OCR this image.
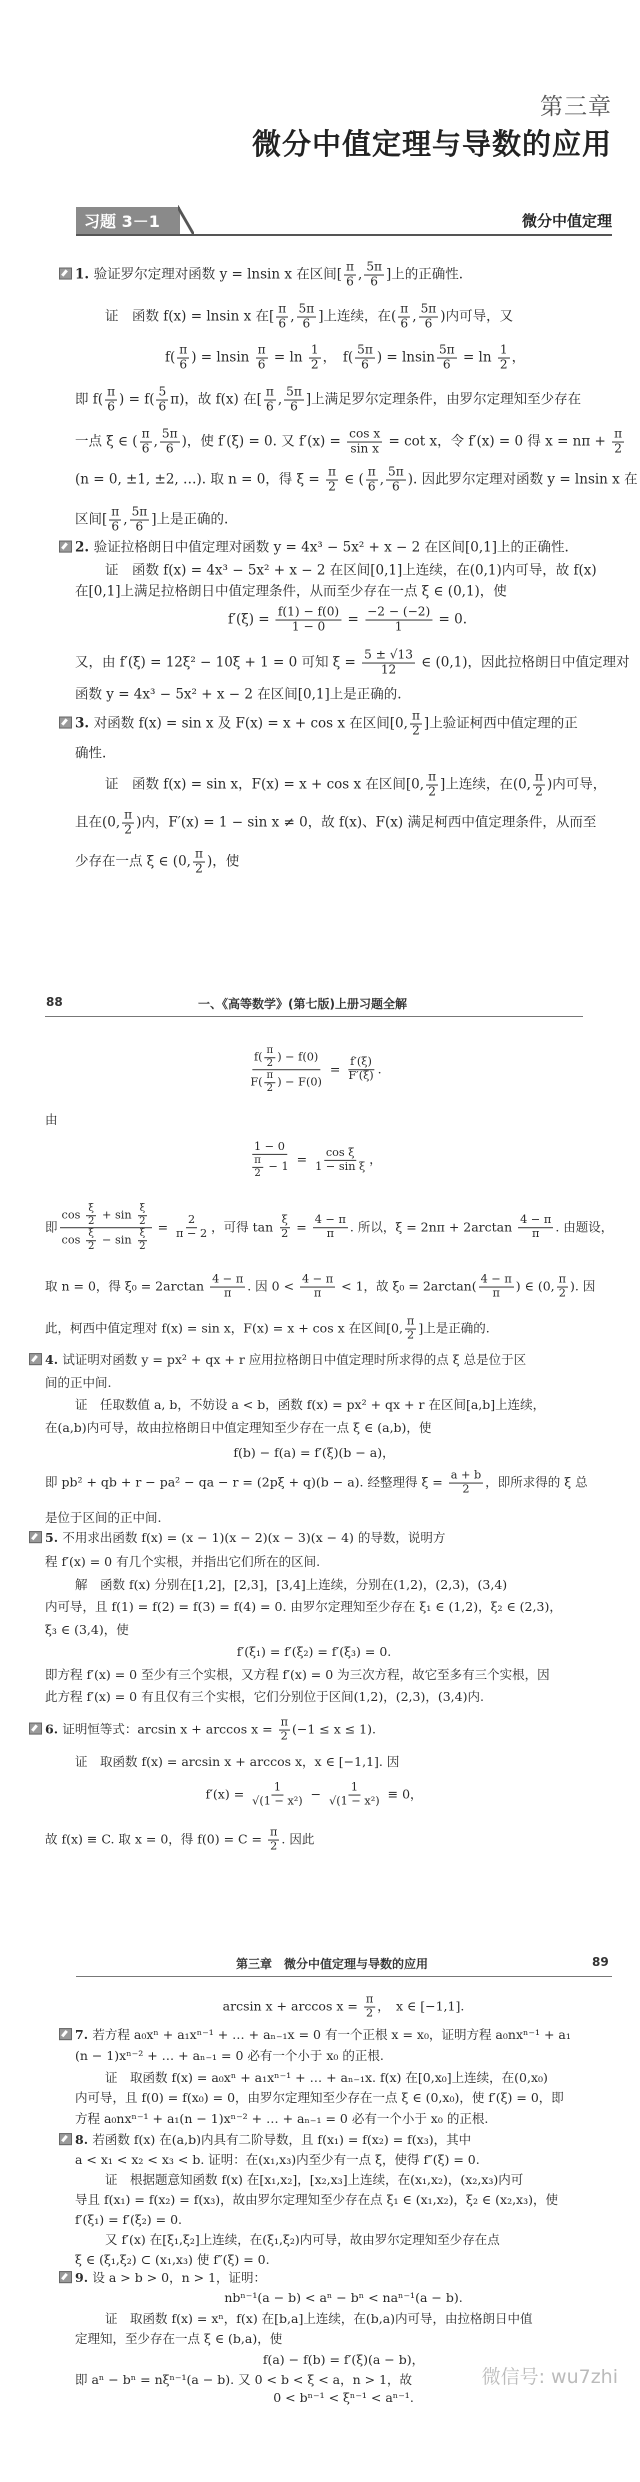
第三章
微分中值定理与导数的应用
习题 3－1	微分中值定理
88	一、《高等数学》(第七版)上册习题全解
第三章　微分中值定理与导数的应用	89
1. 验证罗尔定理对函数 y = lnsin x 在区间[ $\frac{\pi}{6}$ , $\frac{5\pi}{6}$ ]上的正确性.
证　函数 f(x) = lnsin x 在[ $\frac{\pi}{6}$ , $\frac{5\pi}{6}$ ]上连续，在( $\frac{\pi}{6}$ , $\frac{5\pi}{6}$ )内可导，又
$f( \frac{\pi}{6}$ ) = lnsin $\frac{\pi}{6} = \ln \frac{1}{2}$ ，　$f( \frac{5\pi}{6}$ ) = lnsin $\frac{5\pi}{6} = \ln \frac{1}{2}$ ，
即 $f( \frac{\pi}{6}$ ) = $f( \frac{5}{6} \pi)$，故 f(x) 在[ $\frac{\pi}{6}$ , $\frac{5\pi}{6}$ ]上满足罗尔定理条件，由罗尔定理知至少存在
一点 ξ ∈ ( $\frac{\pi}{6}$ , $\frac{5\pi}{6}$ )，使 f′(ξ) = 0. 又 $f'(x) = \frac{\text{cos x}}{\text{sin x}} = \cot x$，令 f′(x) = 0 得 $x = n\pi + \frac{\pi}{2}$
(n = 0, ±1, ±2, …). 取 n = 0，得 $\xi = \frac{\pi}{2}$ ∈ ( $\frac{\pi}{6}$ , $\frac{5\pi}{6}$ ). 因此罗尔定理对函数 y = lnsin x 在
区间[ $\frac{\pi}{6}$ , $\frac{5\pi}{6}$ ]上是正确的.
2. 验证拉格朗日中值定理对函数 y = 4x³ − 5x² + x − 2 在区间[0,1]上的正确性.
证　函数 f(x) = 4x³ − 5x² + x − 2 在区间[0,1]上连续，在(0,1)内可导，故 f(x)
在[0,1]上满足拉格朗日中值定理条件，从而至少存在一点 ξ ∈ (0,1)，使
$f'(\xi) = \frac{f(1) - f(0)}{1 - 0} = \frac{-2 - (-2)}{1} = 0$.
又，由 f′(ξ) = 12ξ² − 10ξ + 1 = 0 可知 $\xi = \frac{5 \pm √13}{12}$ ∈ (0,1)，因此拉格朗日中值定理对
函数 y = 4x³ − 5x² + x − 2 在区间[0,1]上是正确的.
3. 对函数 f(x) = sin x 及 F(x) = x + cos x 在区间[0, $\frac{\pi}{2}$ ]上验证柯西中值定理的正
确性.
证　函数 f(x) = sin x，F(x) = x + cos x 在区间[0, $\frac{\pi}{2}$ ]上连续，在(0, $\frac{\pi}{2}$ )内可导，
且在(0, $\frac{\pi}{2}$ )内，F′(x) = 1 − sin x ≠ 0，故 f(x)、F(x) 满足柯西中值定理条件，从而至
少存在一点 ξ ∈ (0, $\frac{\pi}{2}$ )，使
$\frac{f( \frac{\pi}{2} ) - f(0)}{F( \frac{\pi}{2} ) - F(0)} = \frac{f'(\xi)}{F'(\xi)}$ .
由
$\frac{1 - 0}{\frac{\pi}{2} - 1} = \frac{\text{cos ξ}}{\text{1 − sin ξ}}$ ，
即 $\frac{\cos \frac{\xi}{2} + \sin \frac{\xi}{2}}{\cos \frac{\xi}{2} - \sin \frac{\xi}{2}} = \frac{2}{\pi - 2}$ ，可得 $\tan \frac{\xi}{2} = \frac{4 - \pi}{\pi}$ . 所以，$\xi = 2n\pi + 2\arctan \frac{4 - \pi}{\pi}$ . 由题设，
取 n = 0，得 $\xi_0 = 2\arctan \frac{4 - \pi}{\pi}$ . 因 $0 < \frac{4 - \pi}{\pi} < 1$，故 $\xi_0 = 2\arctan( \frac{4 - \pi}{\pi}$ ) ∈ (0, $\frac{\pi}{2}$ ). 因
此，柯西中值定理对 f(x) = sin x，F(x) = x + cos x 在区间[0, $\frac{\pi}{2}$ ]上是正确的.
4. 试证明对函数 y = px² + qx + r 应用拉格朗日中值定理时所求得的点 ξ 总是位于区
间的正中间.
证　任取数值 a, b，不妨设 a < b，函数 f(x) = px² + qx + r 在区间[a,b]上连续，
在(a,b)内可导，故由拉格朗日中值定理知至少存在一点 ξ ∈ (a,b)，使
f(b) − f(a) = f′(ξ)(b − a)，
即 pb² + qb + r − pa² − qa − r = (2pξ + q)(b − a). 经整理得 $\xi = \frac{a + b}{2}$ ，即所求得的 ξ 总
是位于区间的正中间.
5. 不用求出函数 f(x) = (x − 1)(x − 2)(x − 3)(x − 4) 的导数，说明方
程 f′(x) = 0 有几个实根，并指出它们所在的区间.
解　函数 f(x) 分别在[1,2]，[2,3]，[3,4]上连续，分别在(1,2)，(2,3)，(3,4)
内可导，且 f(1) = f(2) = f(3) = f(4) = 0. 由罗尔定理知至少存在 ξ₁ ∈ (1,2)，ξ₂ ∈ (2,3)，
ξ₃ ∈ (3,4)，使
f′(ξ₁) = f′(ξ₂) = f′(ξ₃) = 0.
即方程 f′(x) = 0 至少有三个实根，又方程 f′(x) = 0 为三次方程，故它至多有三个实根，因
此方程 f′(x) = 0 有且仅有三个实根，它们分别位于区间(1,2)，(2,3)，(3,4)内.
6. 证明恒等式：$\arcsin x + \arccos x = \frac{\pi}{2} (-1 \le x \le 1)$.
证　取函数 f(x) = arcsin x + arccos x，x ∈ [−1,1]. 因
$f'(x) = \frac{1}{\text{√(1 − x²)}} - \frac{1}{\text{√(1 − x²)}} \equiv 0$，
故 f(x) ≡ C. 取 x = 0，得 $f(0) = C = \frac{\pi}{2}$ . 因此
$\arcsin x + \arccos x = \frac{\pi}{2}$ ，　x ∈ [−1,1].
7. 若方程 a₀xⁿ + a₁xⁿ⁻¹ + … + aₙ₋₁x = 0 有一个正根 x = x₀，证明方程 a₀nxⁿ⁻¹ + a₁
(n − 1)xⁿ⁻² + … + aₙ₋₁ = 0 必有一个小于 x₀ 的正根.
证　取函数 f(x) = a₀xⁿ + a₁xⁿ⁻¹ + … + aₙ₋₁x. f(x) 在[0,x₀]上连续，在(0,x₀)
内可导，且 f(0) = f(x₀) = 0，由罗尔定理知至少存在一点 ξ ∈ (0,x₀)，使 f′(ξ) = 0，即
方程 a₀nxⁿ⁻¹ + a₁(n − 1)xⁿ⁻² + … + aₙ₋₁ = 0 必有一个小于 x₀ 的正根.
8. 若函数 f(x) 在(a,b)内具有二阶导数，且 f(x₁) = f(x₂) = f(x₃)，其中
a < x₁ < x₂ < x₃ < b. 证明：在(x₁,x₃)内至少有一点 ξ，使得 f″(ξ) = 0.
证　根据题意知函数 f(x) 在[x₁,x₂]，[x₂,x₃]上连续，在(x₁,x₂)，(x₂,x₃)内可
导且 f(x₁) = f(x₂) = f(x₃)，故由罗尔定理知至少存在点 ξ₁ ∈ (x₁,x₂)，ξ₂ ∈ (x₂,x₃)，使
f′(ξ₁) = f′(ξ₂) = 0.
又 f′(x) 在[ξ₁,ξ₂]上连续，在(ξ₁,ξ₂)内可导，故由罗尔定理知至少存在点
ξ ∈ (ξ₁,ξ₂) ⊂ (x₁,x₃) 使 f″(ξ) = 0.
9. 设 a > b > 0，n > 1，证明：
nbⁿ⁻¹(a − b) < aⁿ − bⁿ < naⁿ⁻¹(a − b).
证　取函数 f(x) = xⁿ，f(x) 在[b,a]上连续，在(b,a)内可导，由拉格朗日中值
定理知，至少存在一点 ξ ∈ (b,a)，使
f(a) − f(b) = f′(ξ)(a − b)，
即 aⁿ − bⁿ = nξⁿ⁻¹(a − b). 又 0 < b < ξ < a，n > 1，故
0 < bⁿ⁻¹ < ξⁿ⁻¹ < aⁿ⁻¹.
微信号: wu7zhi
